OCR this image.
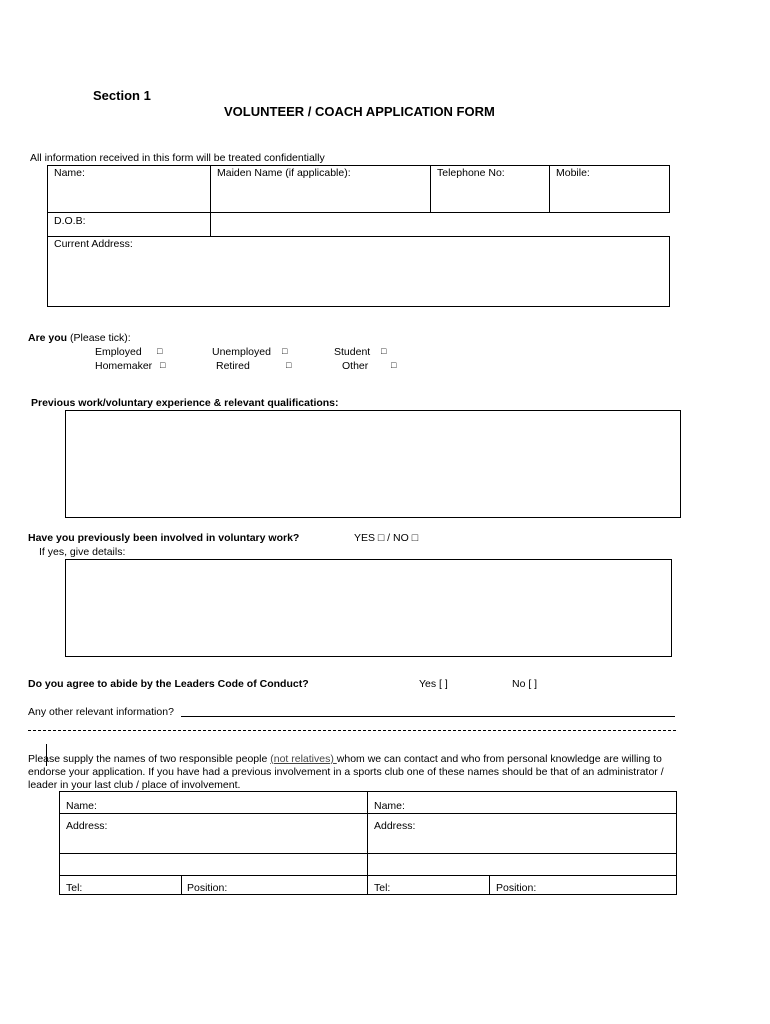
Section 1
VOLUNTEER / COACH APPLICATION FORM
All information received in this form will be treated confidentially
Name:	Maiden Name (if applicable):	Telephone No:	Mobile:
D.O.B:
Current Address:
Are you (Please tick):
Employed □	Unemployed □	Student □
Homemaker □	Retired	□	Other	□
Previous work/voluntary experience & relevant qualifications:
Have you previously been involved in voluntary work?	YES □ / NO □
If yes, give details:
Do you agree to abide by the Leaders Code of Conduct?	Yes [ ]	No [ ]
Any other relevant information?
Please supply the names of two responsible people (not relatives) whom we can contact and who from personal knowledge are willing to
endorse your application. If you have had a previous involvement in a sports club one of these names should be that of an administrator /
leader in your last club / place of involvement.
Name:	Name:
Address:	Address:
Tel:	Position:	Tel:	Position:
